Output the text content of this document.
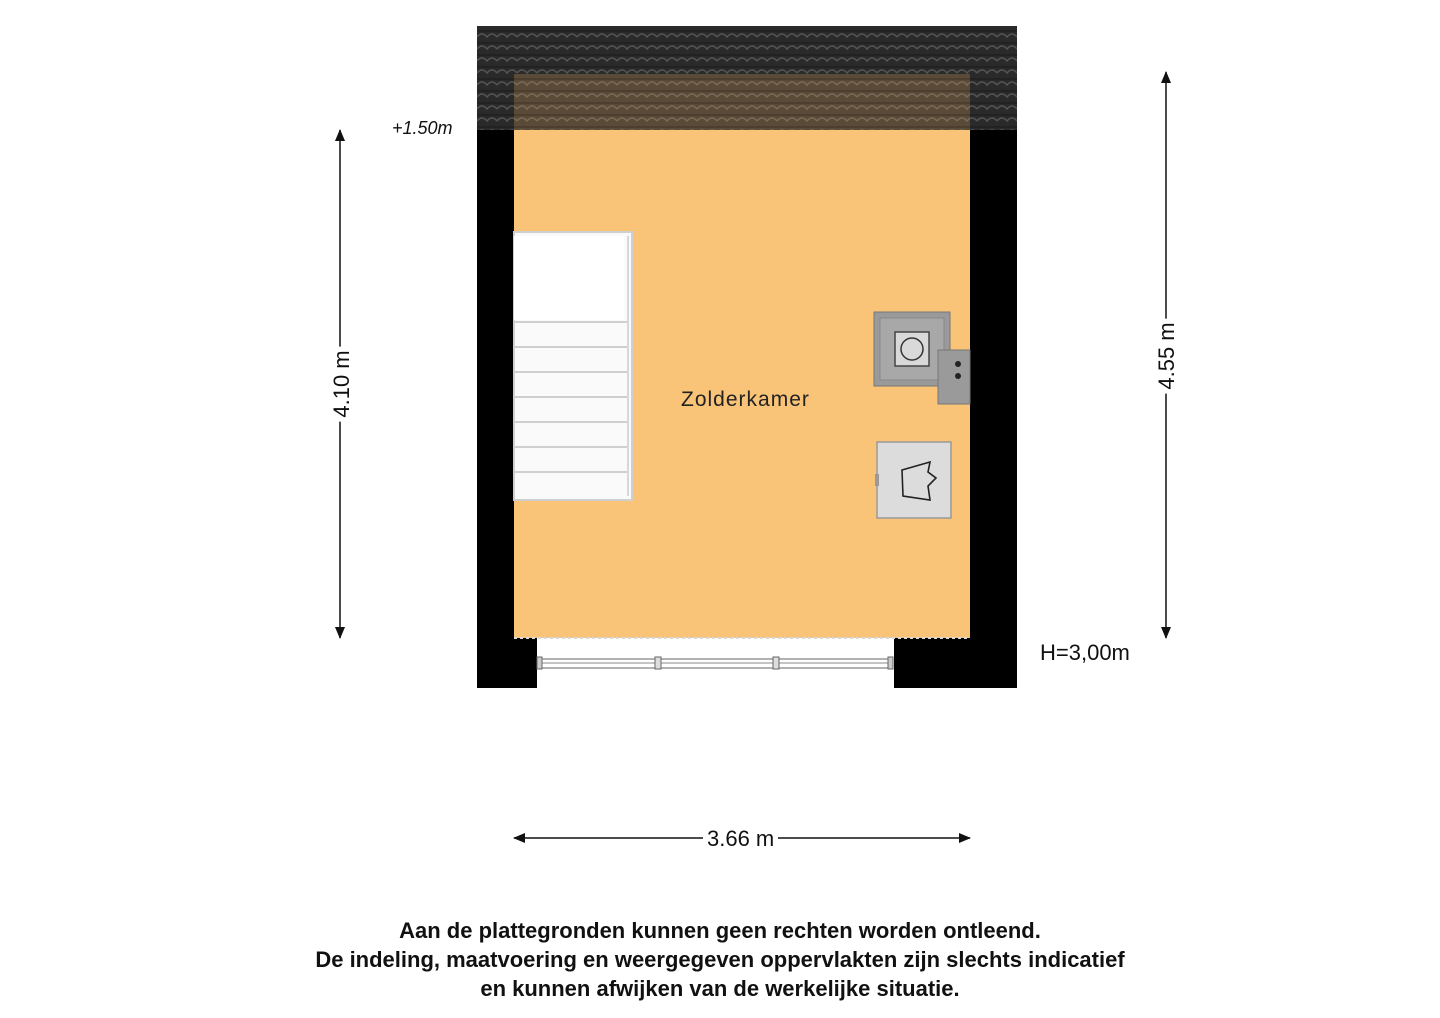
Zolderkamer
+1.50m
H=3,00m
3.66 m
4.10 m	4.55 m
Aan de plattegronden kunnen geen rechten worden ontleend.
De indeling, maatvoering en weergegeven oppervlakten zijn slechts indicatief
en kunnen afwijken van de werkelijke situatie.
